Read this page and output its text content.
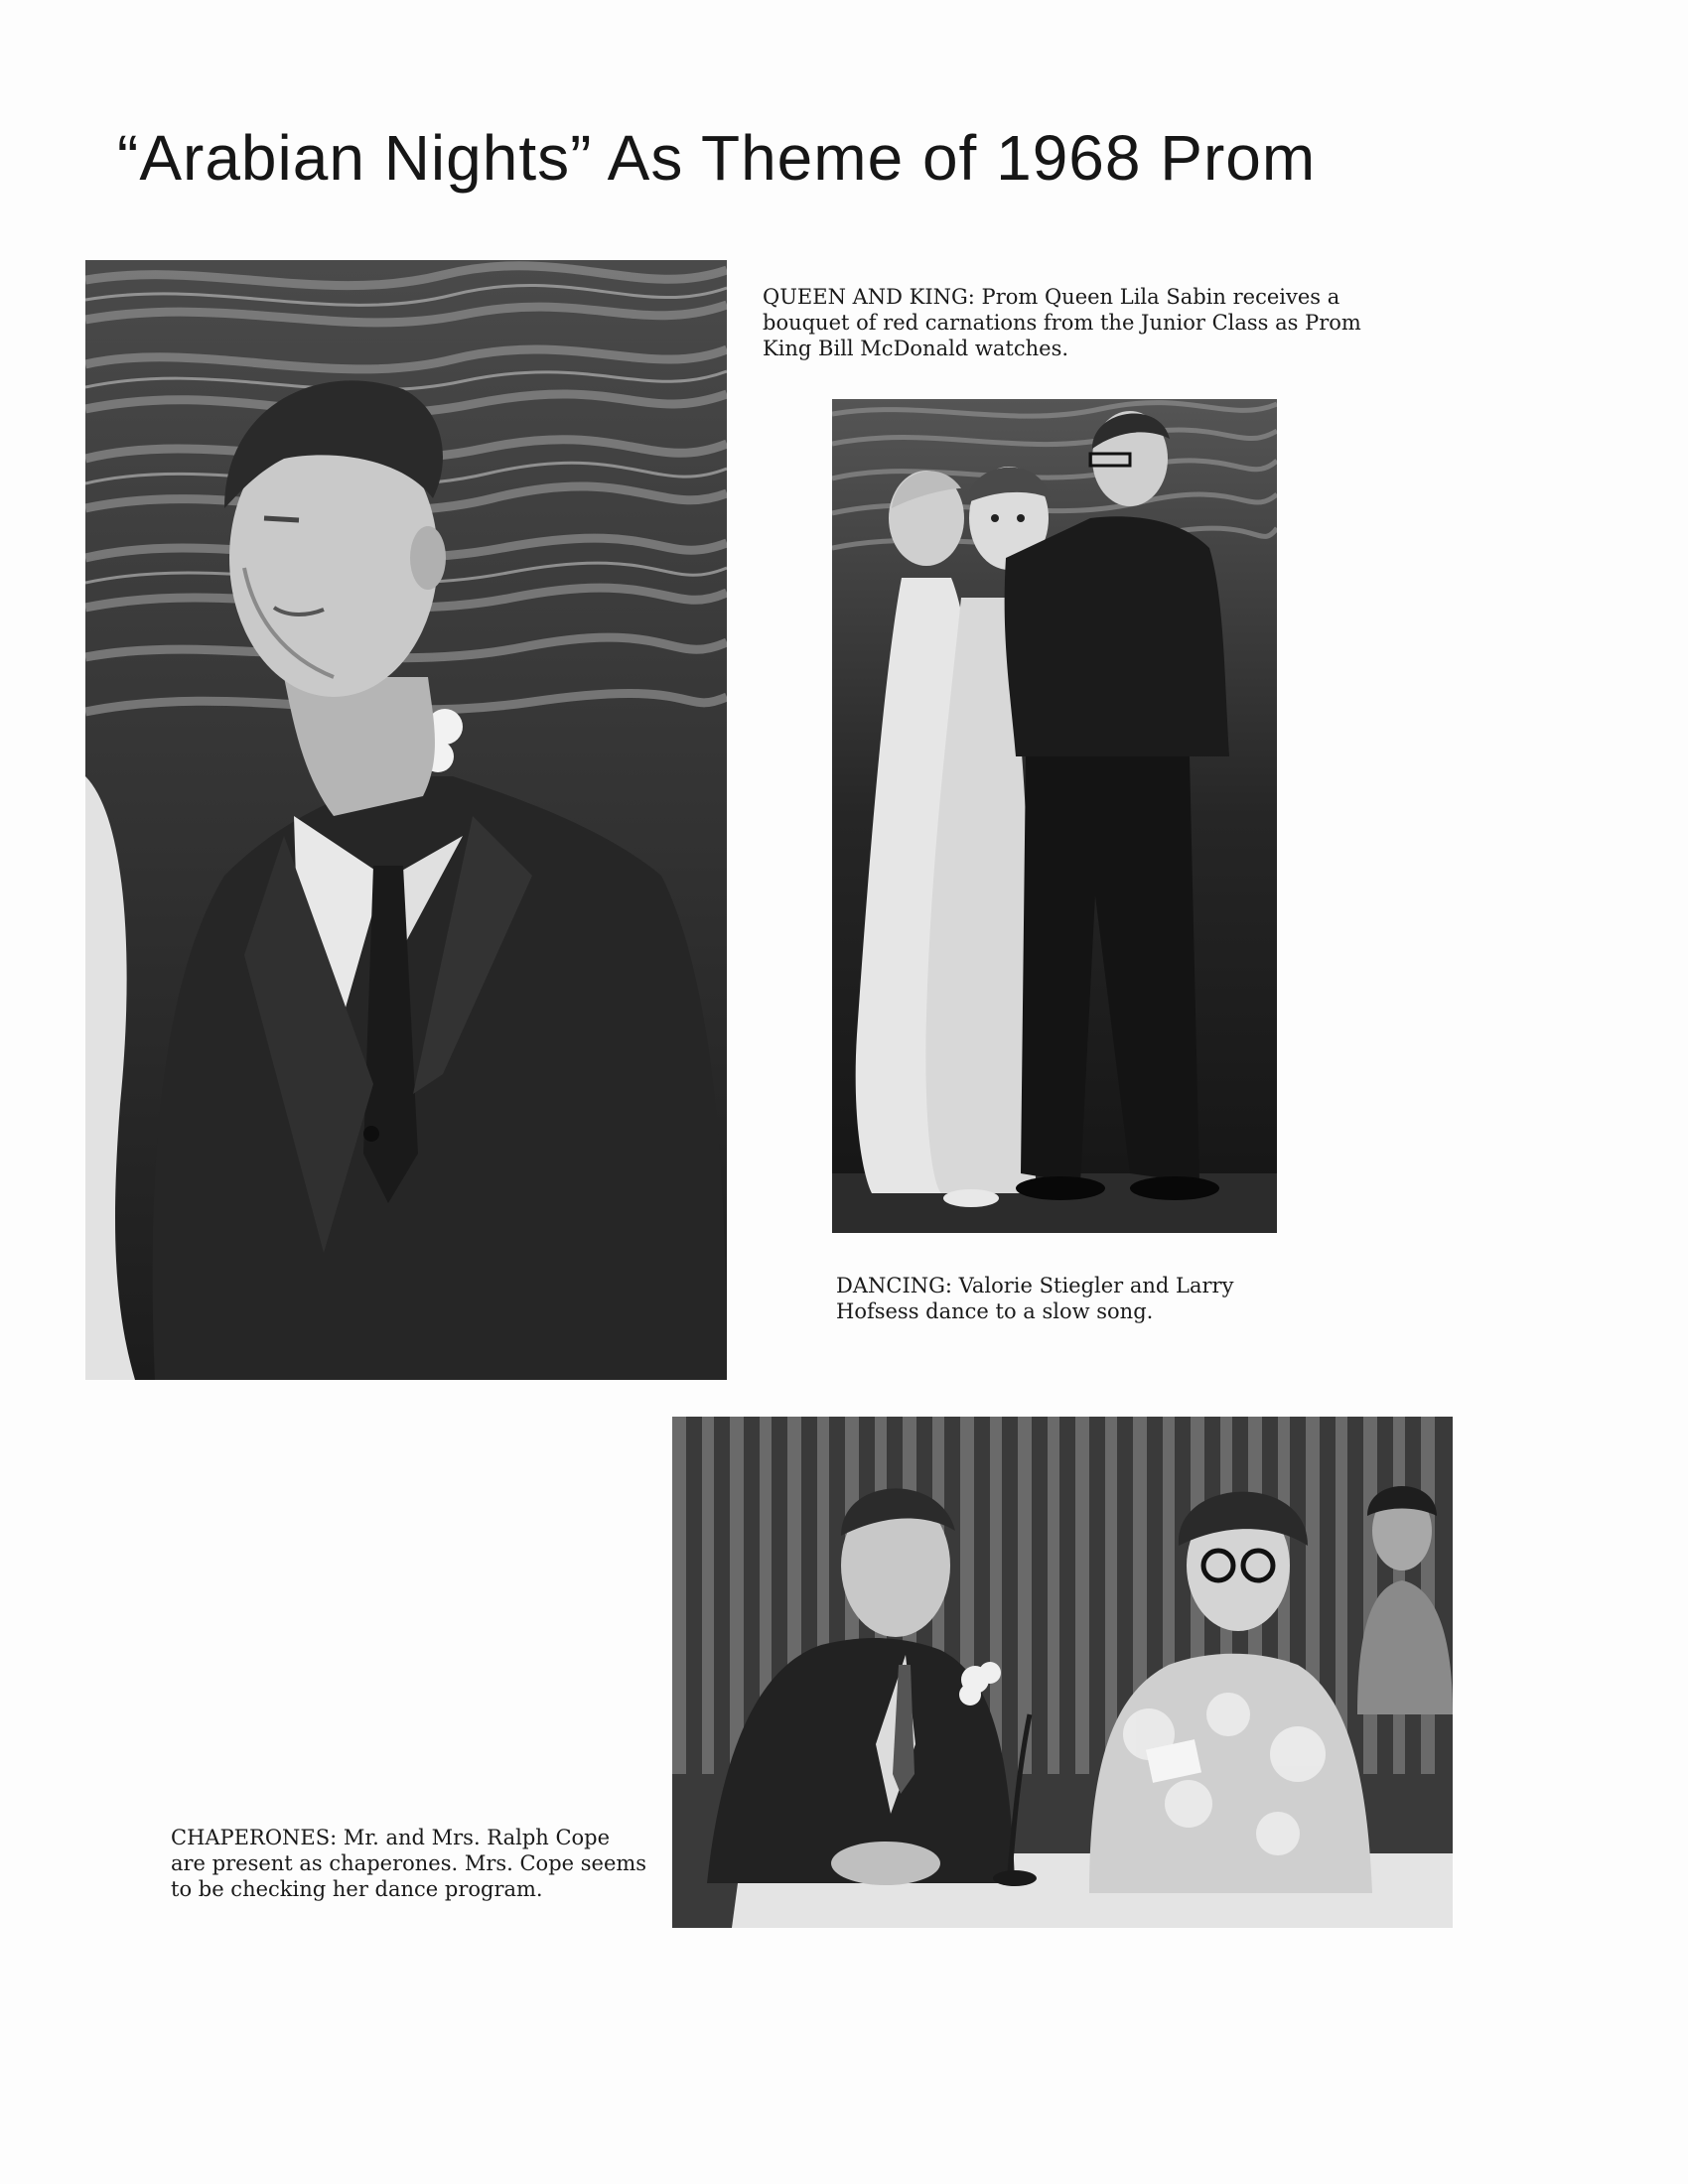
“Arabian Nights” As Theme of 1968 Prom

QUEEN AND KING: Prom Queen Lila Sabin receives a bouquet of red carnations from the Junior Class as Prom King Bill McDonald watches.

DANCING: Valorie Stiegler and Larry Hofsess dance to a slow song.

CHAPERONES: Mr. and Mrs. Ralph Cope are present as chaperones. Mrs. Cope seems to be checking her dance program.
